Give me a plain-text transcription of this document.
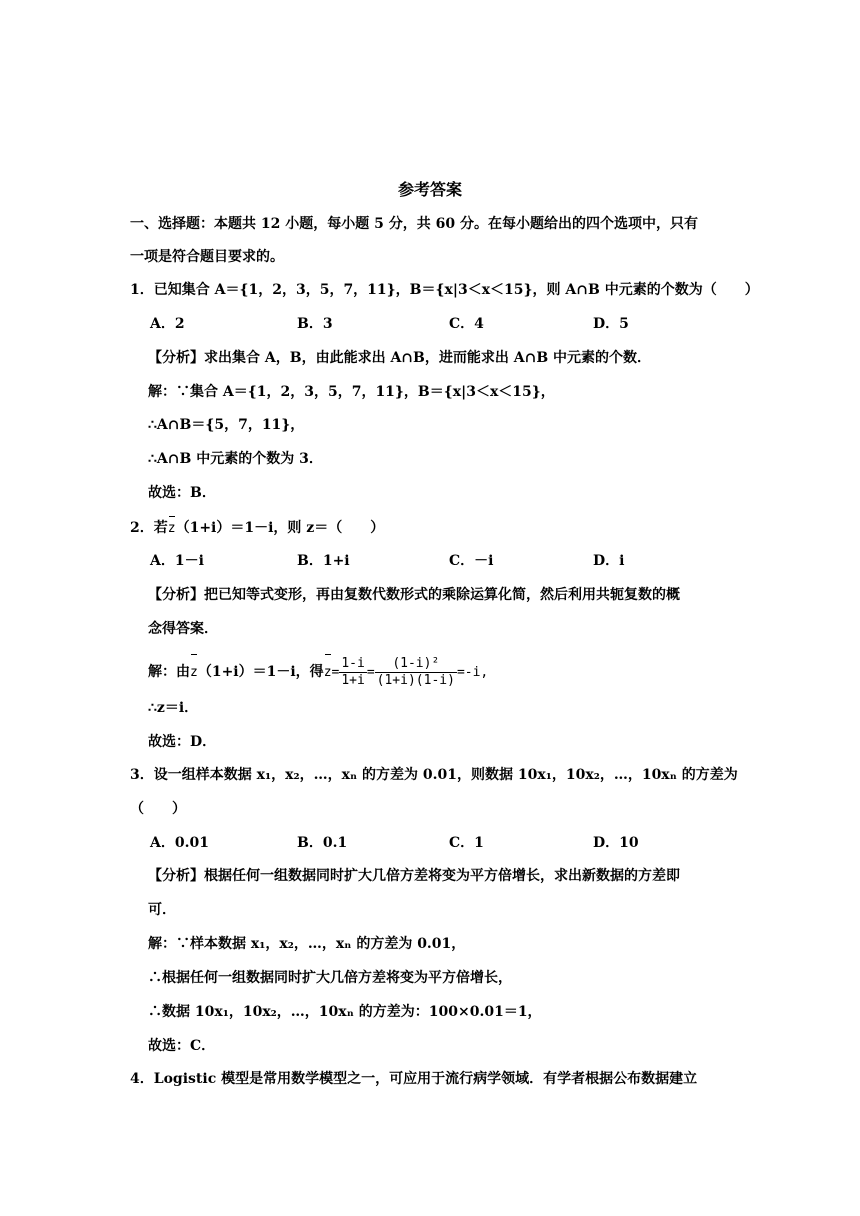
参考答案
一、选择题：本题共 12 小题，每小题 5 分，共 60 分。在每小题给出的四个选项中，只有
一项是符合题目要求的。
1．已知集合 A＝{1，2，3，5，7，11}，B＝{x|3＜x＜15}，则 A∩B 中元素的个数为（　　）
A．2	B．3	C．4	D．5
【分析】求出集合 A，B，由此能求出 A∩B，进而能求出 A∩B 中元素的个数．
解：∵集合 A＝{1，2，3，5，7，11}，B＝{x|3＜x＜15}，
∴A∩B＝{5，7，11}，
∴A∩B 中元素的个数为 3．
故选：B．
2．若z（1+i）＝1－i，则 z＝（　　）
A．1－i	B．1+i	C．－i	D．i
【分析】把已知等式变形，再由复数代数形式的乘除运算化简，然后利用共轭复数的概
念得答案．
解：由z（1+i）＝1－i，得$z= \frac{1-i}{1+i} = \frac{\text{(1-i)²}}{(1+i)(1-i)} =-i$,
∴z＝i．
故选：D．
3．设一组样本数据 x₁，x₂，…，xₙ 的方差为 0.01，则数据 10x₁，10x₂，…，10xₙ 的方差为
（　　）
A．0.01	B．0.1	C．1	D．10
【分析】根据任何一组数据同时扩大几倍方差将变为平方倍增长，求出新数据的方差即
可．
解：∵样本数据 x₁，x₂，…，xₙ 的方差为 0.01，
∴根据任何一组数据同时扩大几倍方差将变为平方倍增长，
∴数据 10x₁，10x₂，…，10xₙ 的方差为：100×0.01＝1，
故选：C．
4．Logistic 模型是常用数学模型之一，可应用于流行病学领域．有学者根据公布数据建立
